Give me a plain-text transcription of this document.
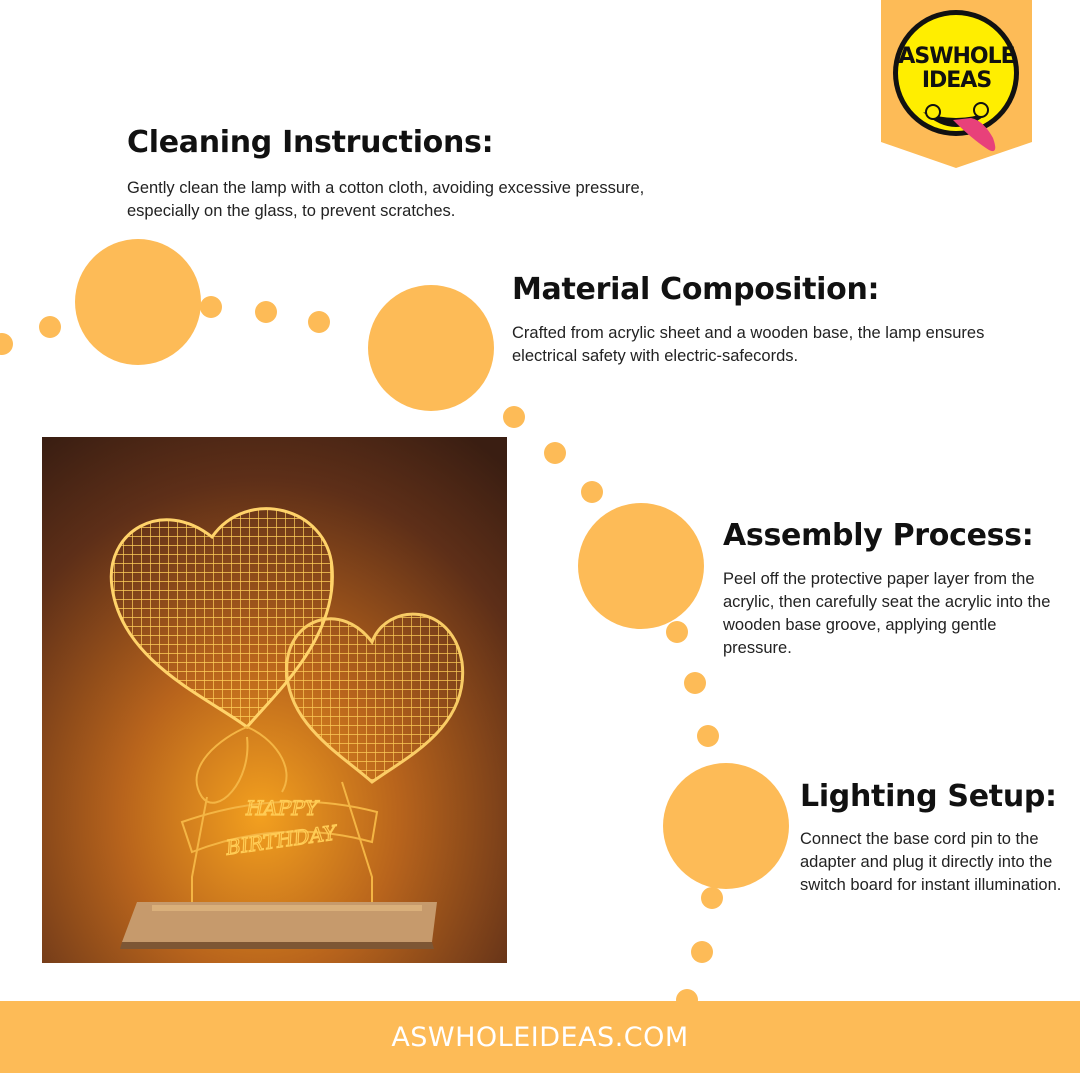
ASWHOLE

IDEAS

Cleaning Instructions:

Gently clean the lamp with a cotton cloth, avoiding excessive pressure, especially on the glass, to prevent scratches.

Material Composition:

Crafted from acrylic sheet and a wooden base, the lamp ensures electrical safety with electric-safecords.

Assembly Process:

Peel off the protective paper layer from the acrylic, then carefully seat the acrylic into the wooden base groove, applying gentle pressure.

Lighting Setup:

Connect the base cord pin to the adapter and plug it directly into the switch board for instant illumination.

HAPPY
BIRTHDAY
ASWHOLEIDEAS.COM
